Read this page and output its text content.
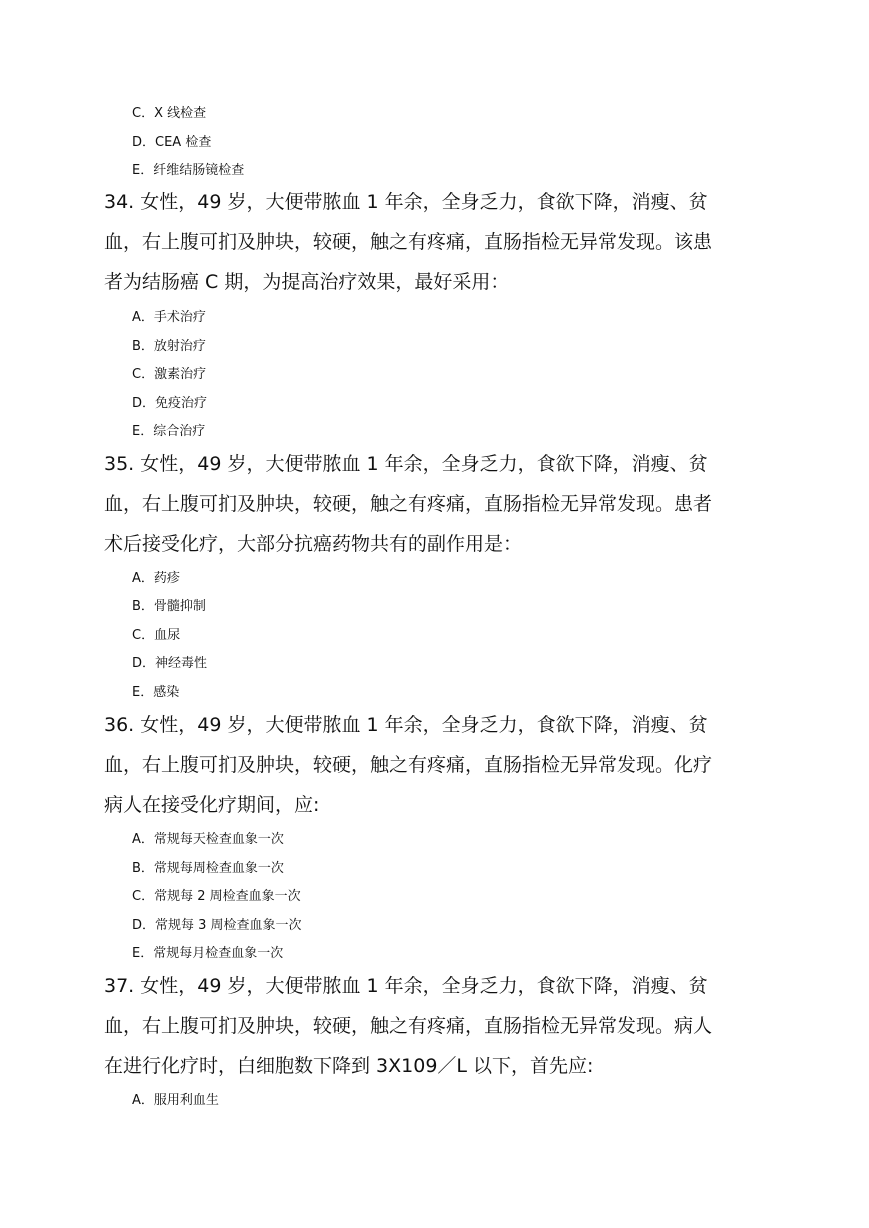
C．X 线检查
D．CEA 检查
E．纤维结肠镜检查

34. 女性，49 岁，大便带脓血 1 年余，全身乏力，食欲下降，消瘦、贫

血，右上腹可扪及肿块，较硬，触之有疼痛，直肠指检无异常发现。该患

者为结肠癌 C 期，为提高治疗效果，最好采用：

A．手术治疗
B．放射治疗
C．激素治疗
D．免疫治疗
E．综合治疗

35. 女性，49 岁，大便带脓血 1 年余，全身乏力，食欲下降，消瘦、贫

血，右上腹可扪及肿块，较硬，触之有疼痛，直肠指检无异常发现。患者

术后接受化疗，大部分抗癌药物共有的副作用是：

A．药疹
B．骨髓抑制
C．血尿
D．神经毒性
E．感染

36. 女性，49 岁，大便带脓血 1 年余，全身乏力，食欲下降，消瘦、贫

血，右上腹可扪及肿块，较硬，触之有疼痛，直肠指检无异常发现。化疗

病人在接受化疗期间，应:

A．常规每天检查血象一次
B．常规每周检查血象一次
C．常规每 2 周检查血象一次
D．常规每 3 周检查血象一次
E．常规每月检查血象一次

37. 女性，49 岁，大便带脓血 1 年余，全身乏力，食欲下降，消瘦、贫

血，右上腹可扪及肿块，较硬，触之有疼痛，直肠指检无异常发现。病人

在进行化疗时，白细胞数下降到 3X109／L 以下，首先应:

A．服用利血生
